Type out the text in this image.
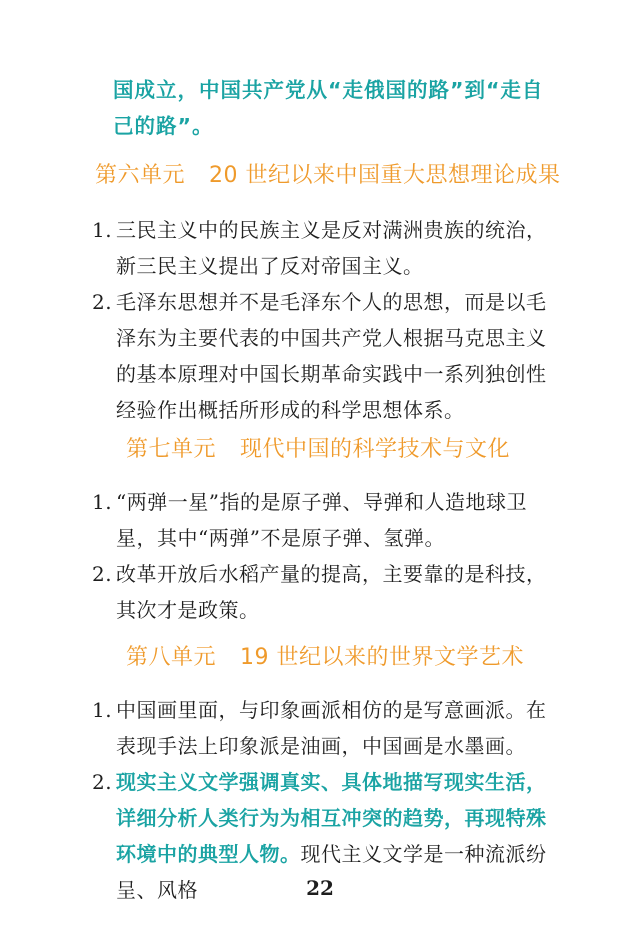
国成立，中国共产党从“走俄国的路”到“走自己的路”。
第六单元 20 世纪以来中国重大思想理论成果
1. 三民主义中的民族主义是反对满洲贵族的统治，新三民主义提出了反对帝国主义。
2. 毛泽东思想并不是毛泽东个人的思想，而是以毛泽东为主要代表的中国共产党人根据马克思主义的基本原理对中国长期革命实践中一系列独创性经验作出概括所形成的科学思想体系。
第七单元 现代中国的科学技术与文化
1. “两弹一星”指的是原子弹、导弹和人造地球卫星，其中“两弹”不是原子弹、氢弹。
2. 改革开放后水稻产量的提高，主要靠的是科技，其次才是政策。
第八单元 19 世纪以来的世界文学艺术
1. 中国画里面，与印象画派相仿的是写意画派。在表现手法上印象派是油画，中国画是水墨画。
2. 现实主义文学强调真实、具体地描写现实生活，详细分析人类行为为相互冲突的趋势，再现特殊环境中的典型人物。现代主义文学是一种流派纷呈、风格	22
